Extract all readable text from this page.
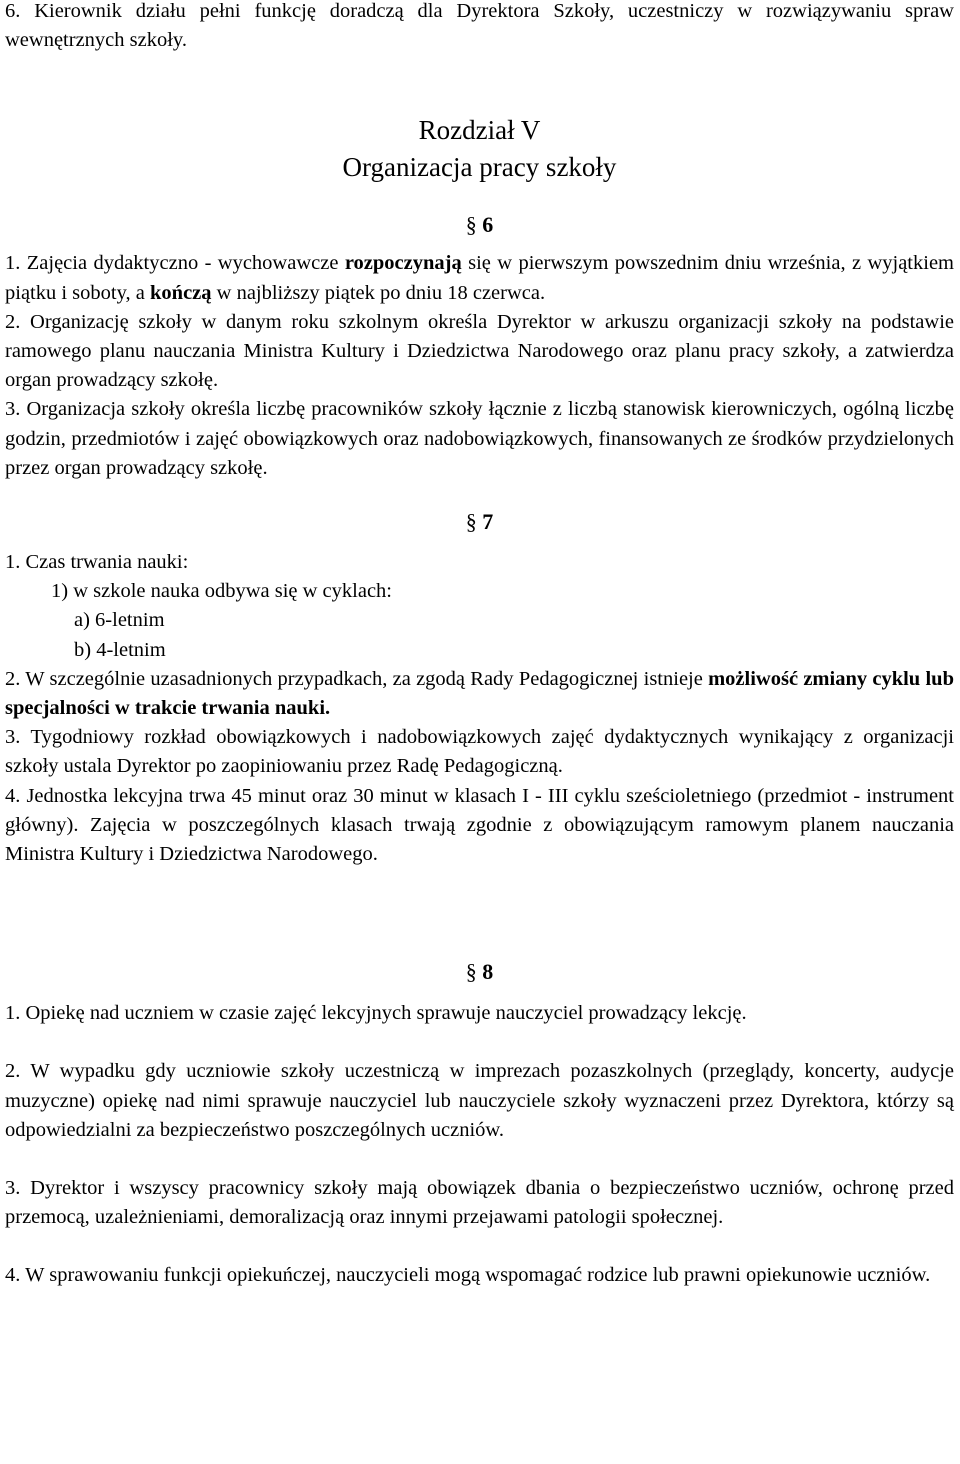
6. Kierownik działu pełni funkcję doradczą dla Dyrektora Szkoły, uczestniczy w rozwiązywaniu spraw wewnętrznych szkoły.

Rozdział V

Organizacja pracy szkoły

§ 6

1. Zajęcia dydaktyczno - wychowawcze rozpoczynają się w pierwszym powszednim dniu września, z wyjątkiem piątku i soboty, a kończą w najbliższy piątek po dniu 18 czerwca.

2. Organizację szkoły w danym roku szkolnym określa Dyrektor w arkuszu organizacji szkoły na podstawie ramowego planu nauczania Ministra Kultury i Dziedzictwa Narodowego oraz planu pracy szkoły, a zatwierdza organ prowadzący szkołę.

3. Organizacja szkoły określa liczbę pracowników szkoły łącznie z liczbą stanowisk kierowniczych, ogólną liczbę godzin, przedmiotów i zajęć obowiązkowych oraz nadobowiązkowych, finansowanych ze środków przydzielonych przez organ prowadzący szkołę.

§ 7

1. Czas trwania nauki:

1) w szkole nauka odbywa się w cyklach:

a) 6-letnim

b) 4-letnim

2. W szczególnie uzasadnionych przypadkach, za zgodą Rady Pedagogicznej istnieje możliwość zmiany cyklu lub specjalności w trakcie trwania nauki.

3. Tygodniowy rozkład obowiązkowych i nadobowiązkowych zajęć dydaktycznych wynikający z organizacji szkoły ustala Dyrektor po zaopiniowaniu przez Radę Pedagogiczną.

4. Jednostka lekcyjna trwa 45 minut oraz 30 minut w klasach I - III cyklu sześcioletniego (przedmiot - instrument główny). Zajęcia w poszczególnych klasach trwają zgodnie z obowiązującym ramowym planem nauczania Ministra Kultury i Dziedzictwa Narodowego.

§ 8

1. Opiekę nad uczniem w czasie zajęć lekcyjnych sprawuje nauczyciel prowadzący lekcję.

2. W wypadku gdy uczniowie szkoły uczestniczą w imprezach pozaszkolnych (przeglądy, koncerty, audycje muzyczne) opiekę nad nimi sprawuje nauczyciel lub nauczyciele szkoły wyznaczeni przez Dyrektora, którzy są odpowiedzialni za bezpieczeństwo poszczególnych uczniów.

3. Dyrektor i wszyscy pracownicy szkoły mają obowiązek dbania o bezpieczeństwo uczniów, ochronę przed przemocą, uzależnieniami, demoralizacją oraz innymi przejawami patologii społecznej.

4. W sprawowaniu funkcji opiekuńczej, nauczycieli mogą wspomagać rodzice lub prawni opiekunowie uczniów.
